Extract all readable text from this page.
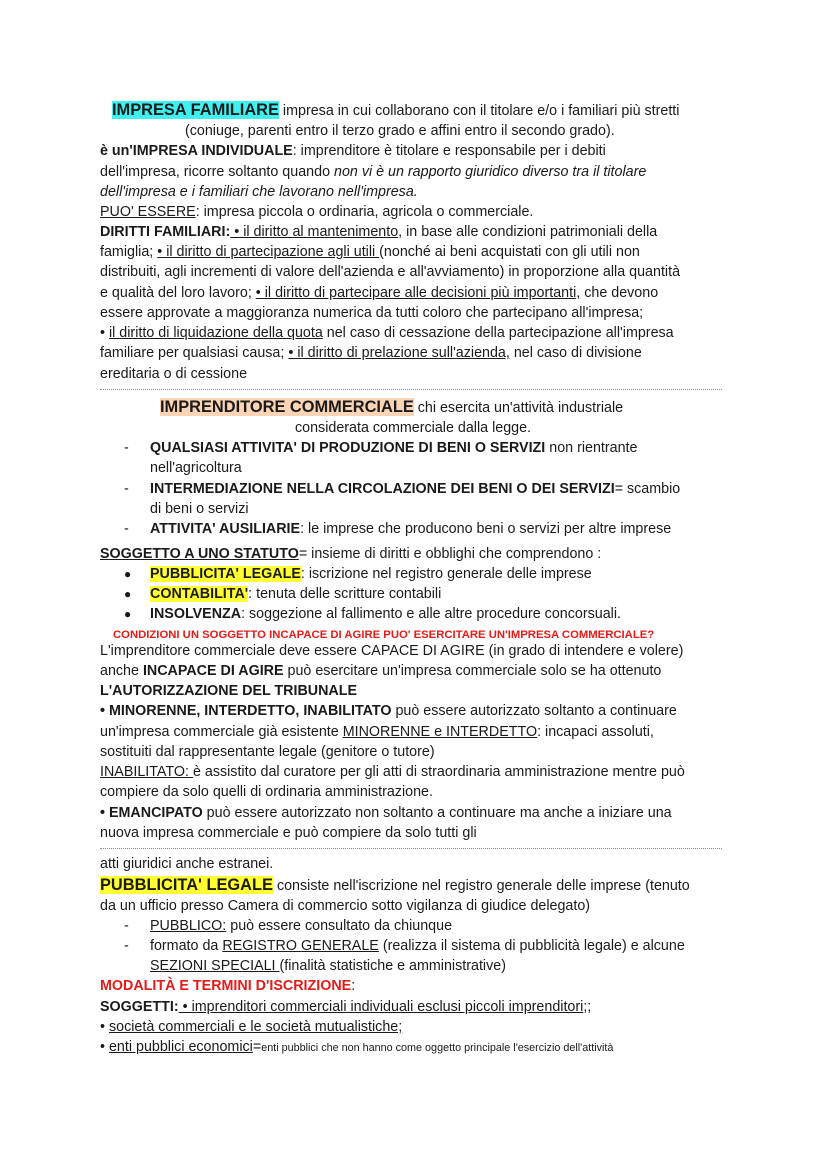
IMPRESA FAMILIARE impresa in cui collaborano con il titolare e/o i familiari più stretti
(coniuge, parenti entro il terzo grado e affini entro il secondo grado).
è un'IMPRESA INDIVIDUALE: imprenditore è titolare e responsabile per i debiti
dell'impresa, ricorre soltanto quando non vi è un rapporto giuridico diverso tra il titolare
dell'impresa e i familiari che lavorano nell'impresa.
PUO' ESSERE: impresa piccola o ordinaria, agricola o commerciale.
DIRITTI FAMILIARI: • il diritto al mantenimento, in base alle condizioni patrimoniali della
famiglia; • il diritto di partecipazione agli utili (nonché ai beni acquistati con gli utili non
distribuiti, agli incrementi di valore dell'azienda e all'avviamento) in proporzione alla quantità
e qualità del loro lavoro; • il diritto di partecipare alle decisioni più importanti, che devono
essere approvate a maggioranza numerica da tutti coloro che partecipano all'impresa;
• il diritto di liquidazione della quota nel caso di cessazione della partecipazione all'impresa
familiare per qualsiasi causa; • il diritto di prelazione sull'azienda, nel caso di divisione
ereditaria o di cessione
IMPRENDITORE COMMERCIALE chi esercita un'attività industriale
considerata commerciale dalla legge.
- QUALSIASI ATTIVITA' DI PRODUZIONE DI BENI O SERVIZI non rientrante
nell'agricoltura
- INTERMEDIAZIONE NELLA CIRCOLAZIONE DEI BENI O DEI SERVIZI= scambio
di beni o servizi
- ATTIVITA' AUSILIARIE: le imprese che producono beni o servizi per altre imprese
SOGGETTO A UNO STATUTO= insieme di diritti e obblighi che comprendono :
● PUBBLICITA' LEGALE: iscrizione nel registro generale delle imprese
● CONTABILITA': tenuta delle scritture contabili
● INSOLVENZA: soggezione al fallimento e alle altre procedure concorsuali.
CONDIZIONI UN SOGGETTO INCAPACE DI AGIRE PUO' ESERCITARE UN'IMPRESA COMMERCIALE?
L'imprenditore commerciale deve essere CAPACE DI AGIRE (in grado di intendere e volere)
anche INCAPACE DI AGIRE può esercitare un'impresa commerciale solo se ha ottenuto
L'AUTORIZZAZIONE DEL TRIBUNALE
• MINORENNE, INTERDETTO, INABILITATO può essere autorizzato soltanto a continuare
un'impresa commerciale già esistente MINORENNE e INTERDETTO: incapaci assoluti,
sostituiti dal rappresentante legale (genitore o tutore)
INABILITATO: è assistito dal curatore per gli atti di straordinaria amministrazione mentre può
compiere da solo quelli di ordinaria amministrazione.
• EMANCIPATO può essere autorizzato non soltanto a continuare ma anche a iniziare una
nuova impresa commerciale e può compiere da solo tutti gli
atti giuridici anche estranei.
PUBBLICITA' LEGALE consiste nell'iscrizione nel registro generale delle imprese (tenuto
da un ufficio presso Camera di commercio sotto vigilanza di giudice delegato)
- PUBBLICO: può essere consultato da chiunque
- formato da REGISTRO GENERALE (realizza il sistema di pubblicità legale) e alcune
SEZIONI SPECIALI (finalità statistiche e amministrative)
MODALITÀ E TERMINI D'ISCRIZIONE:
SOGGETTI: • imprenditori commerciali individuali esclusi piccoli imprenditori;;
• società commerciali e le società mutualistiche;
• enti pubblici economici=enti pubblici che non hanno come oggetto principale l'esercizio dell'attività
